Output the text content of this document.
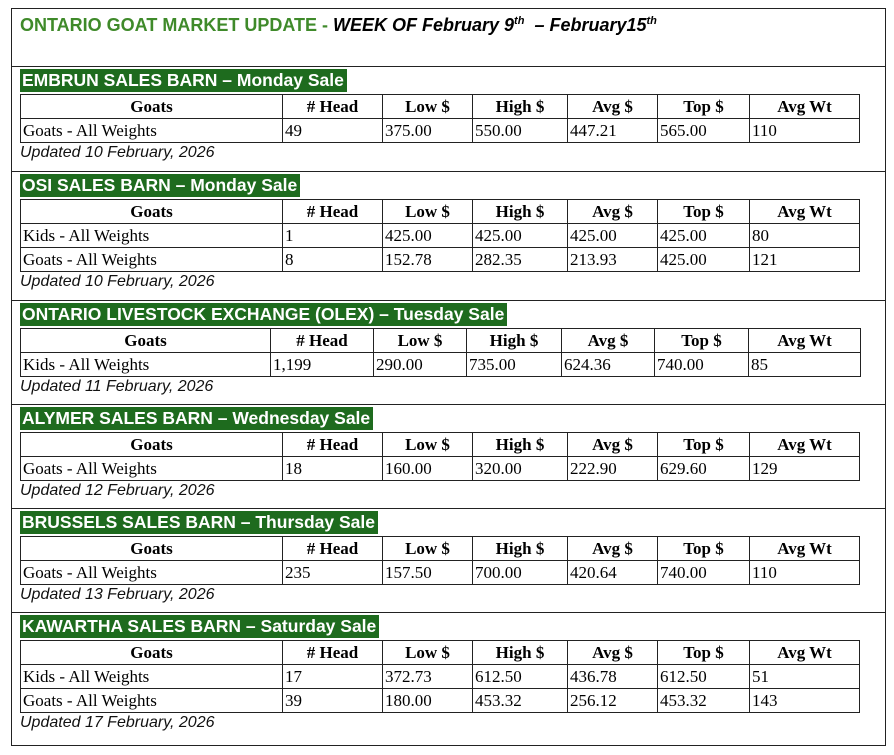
ONTARIO GOAT MARKET UPDATE - WEEK OF February 9th – February15th
EMBRUN SALES BARN – Monday Sale
Goats	# Head	Low $	High $	Avg $	Top $	Avg Wt
Goats - All Weights	49	375.00	550.00	447.21	565.00	110
Updated 10 February, 2026
OSI SALES BARN – Monday Sale
Goats	# Head	Low $	High $	Avg $	Top $	Avg Wt
Kids - All Weights	1	425.00	425.00	425.00	425.00	80
Goats - All Weights	8	152.78	282.35	213.93	425.00	121
Updated 10 February, 2026
ONTARIO LIVESTOCK EXCHANGE (OLEX) – Tuesday Sale
Goats	# Head	Low $	High $	Avg $	Top $	Avg Wt
Kids - All Weights	1,199	290.00	735.00	624.36	740.00	85
Updated 11 February, 2026
ALYMER SALES BARN – Wednesday Sale
Goats	# Head	Low $	High $	Avg $	Top $	Avg Wt
Goats - All Weights	18	160.00	320.00	222.90	629.60	129
Updated 12 February, 2026
BRUSSELS SALES BARN – Thursday Sale
Goats	# Head	Low $	High $	Avg $	Top $	Avg Wt
Goats - All Weights	235	157.50	700.00	420.64	740.00	110
Updated 13 February, 2026
KAWARTHA SALES BARN – Saturday Sale
Goats	# Head	Low $	High $	Avg $	Top $	Avg Wt
Kids - All Weights	17	372.73	612.50	436.78	612.50	51
Goats - All Weights	39	180.00	453.32	256.12	453.32	143
Updated 17 February, 2026
